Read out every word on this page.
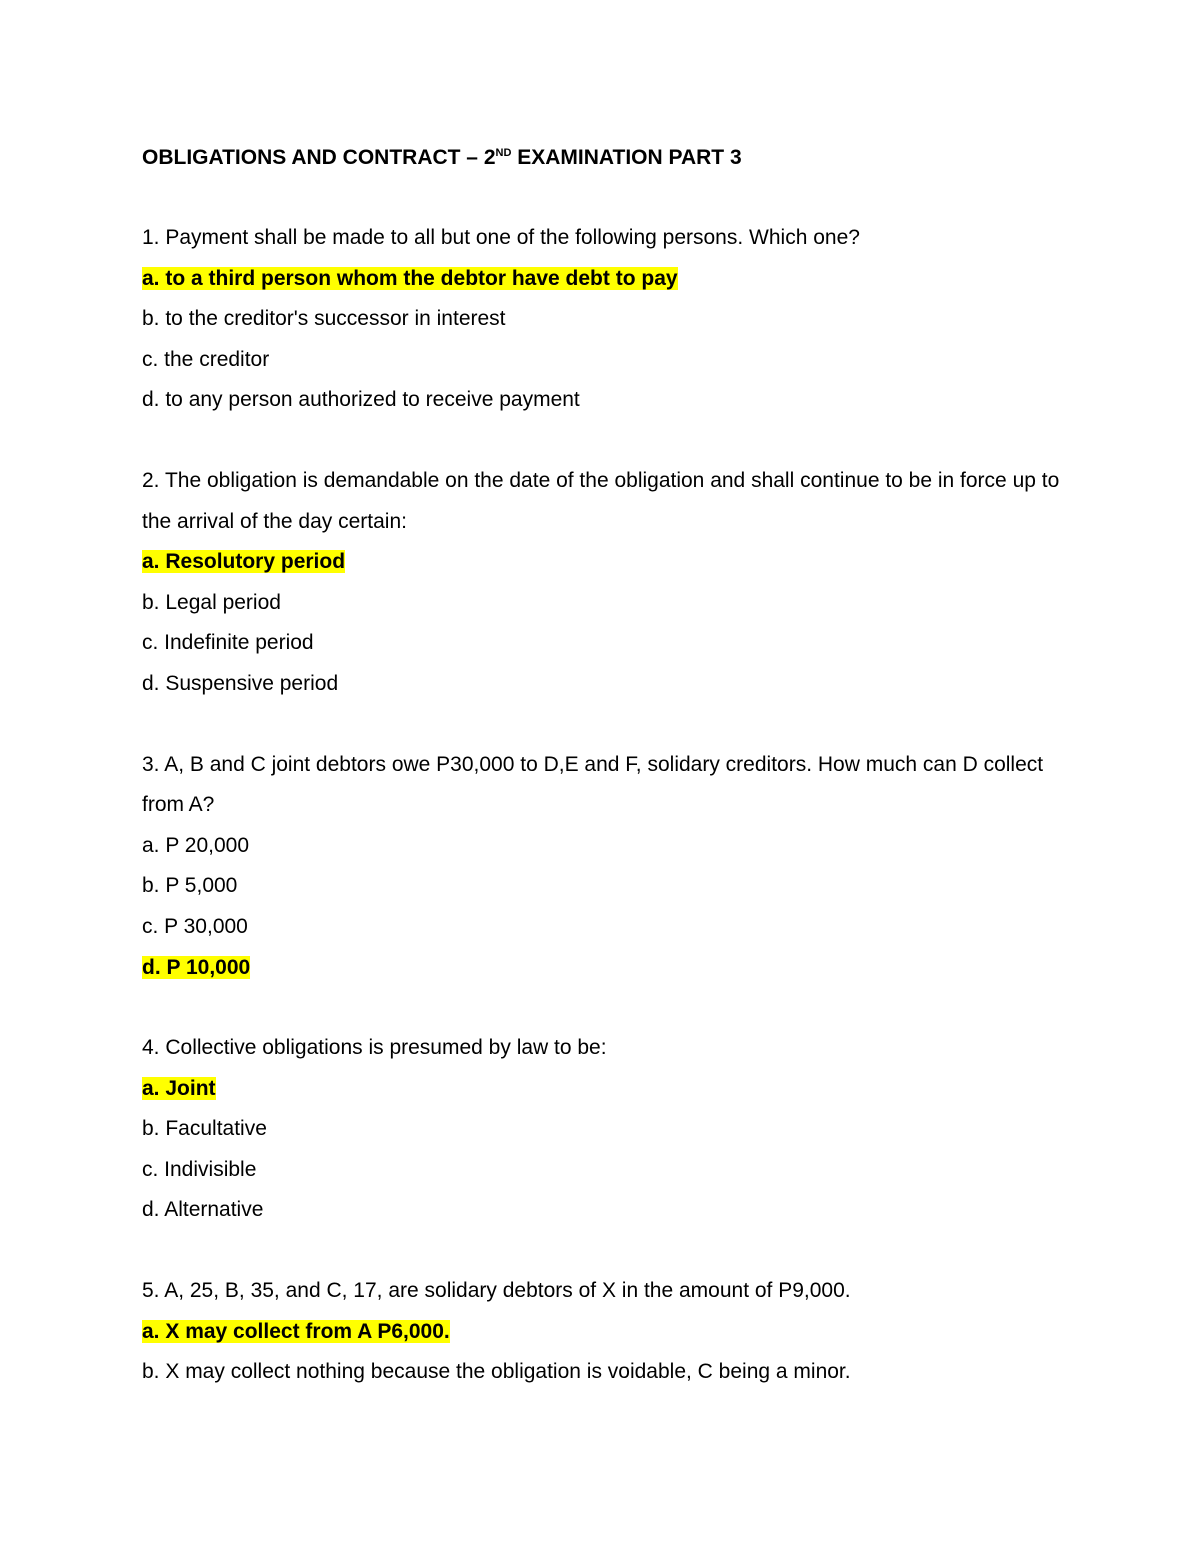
OBLIGATIONS AND CONTRACT – 2ND EXAMINATION PART 3

1. Payment shall be made to all but one of the following persons. Which one?

a. to a third person whom the debtor have debt to pay

b. to the creditor's successor in interest

c. the creditor

d. to any person authorized to receive payment

2. The obligation is demandable on the date of the obligation and shall continue to be in force up to the arrival of the day certain:

a. Resolutory period

b. Legal period

c. Indefinite period

d. Suspensive period

3. A, B and C joint debtors owe P30,000 to D,E and F, solidary creditors. How much can D collect from A?

a. P 20,000

b. P 5,000

c. P 30,000

d. P 10,000

4. Collective obligations is presumed by law to be:

a. Joint

b. Facultative

c. Indivisible

d. Alternative

5. A, 25, B, 35, and C, 17, are solidary debtors of X in the amount of P9,000.

a. X may collect from A P6,000.

b. X may collect nothing because the obligation is voidable, C being a minor.
